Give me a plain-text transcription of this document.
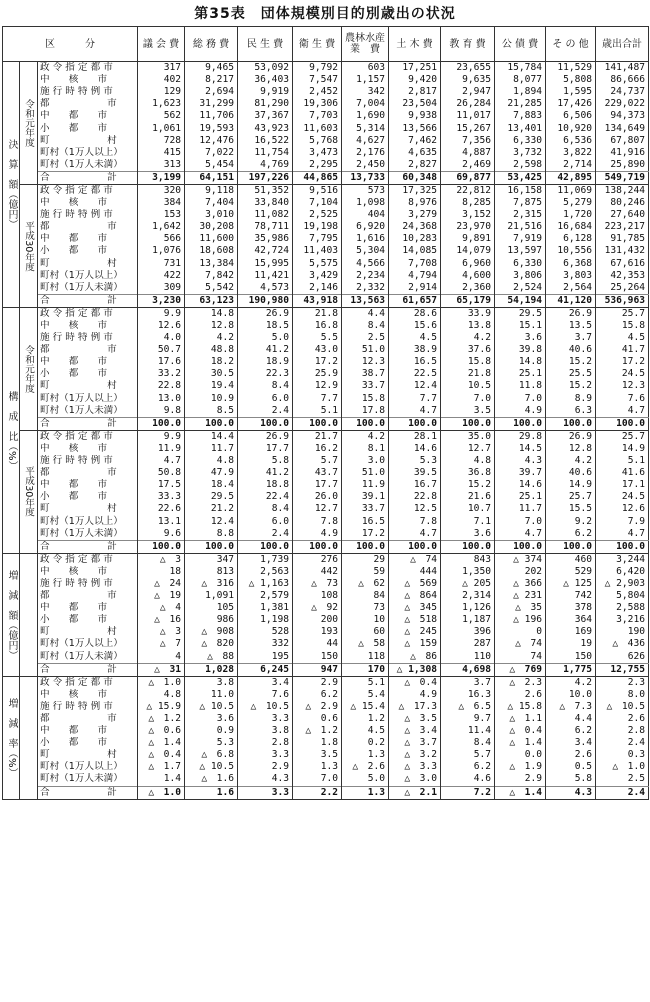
第35表　団体規模別目的別歳出の状況
区　　　分			議 会 費	総 務 費	民 生 費	衛 生 費	農林水産業　費	土 木 費	教 育 費	公 債 費	そ の 他	歳出合計
決　算　額（億円）	令和元年度	政 令 指 定 都 市	317	9,465	53,092	9,792	603	17,251	23,655	15,784	11,529	141,487
		中　　核　　市	402	8,217	36,403	7,547	1,157	9,420	9,635	8,077	5,808	86,666
		施 行 時 特 例 市	129	2,694	9,919	2,452	342	2,817	2,947	1,894	1,595	24,737
		都　　　　　　市	1,623	31,299	81,290	19,306	7,004	23,504	26,284	21,285	17,426	229,022
		中　　都　　市	562	11,706	37,367	7,703	1,690	9,938	11,017	7,883	6,506	94,373
		小　　都　　市	1,061	19,593	43,923	11,603	5,314	13,566	15,267	13,401	10,920	134,649
		町　　　　　　村	728	12,476	16,522	5,768	4,627	7,462	7,356	6,330	6,536	67,807
		町村（1万人以上）	415	7,022	11,754	3,473	2,176	4,635	4,887	3,732	3,822	41,916
		町村（1万人未満）	313	5,454	4,769	2,295	2,450	2,827	2,469	2,598	2,714	25,890
		合　　　　　　計	3,199	64,151	197,226	44,865	13,733	60,348	69,877	53,425	42,895	549,719
	平成30年度	政 令 指 定 都 市	320	9,118	51,352	9,516	573	17,325	22,812	16,158	11,069	138,244
		中　　核　　市	384	7,404	33,840	7,104	1,098	8,976	8,285	7,875	5,279	80,246
		施 行 時 特 例 市	153	3,010	11,082	2,525	404	3,279	3,152	2,315	1,720	27,640
		都　　　　　　市	1,642	30,208	78,711	19,198	6,920	24,368	23,970	21,516	16,684	223,217
		中　　都　　市	566	11,600	35,986	7,795	1,616	10,283	9,891	7,919	6,128	91,785
		小　　都　　市	1,076	18,608	42,724	11,403	5,304	14,085	14,079	13,597	10,556	131,432
		町　　　　　　村	731	13,384	15,995	5,575	4,566	7,708	6,960	6,330	6,368	67,616
		町村（1万人以上）	422	7,842	11,421	3,429	2,234	4,794	4,600	3,806	3,803	42,353
		町村（1万人未満）	309	5,542	4,573	2,146	2,332	2,914	2,360	2,524	2,564	25,264
		合　　　　　　計	3,230	63,123	190,980	43,918	13,563	61,657	65,179	54,194	41,120	536,963
構　成　比（%）	令和元年度	政 令 指 定 都 市	9.9	14.8	26.9	21.8	4.4	28.6	33.9	29.5	26.9	25.7
		中　　核　　市	12.6	12.8	18.5	16.8	8.4	15.6	13.8	15.1	13.5	15.8
		施 行 時 特 例 市	4.0	4.2	5.0	5.5	2.5	4.5	4.2	3.6	3.7	4.5
		都　　　　　　市	50.7	48.8	41.2	43.0	51.0	38.9	37.6	39.8	40.6	41.7
		中　　都　　市	17.6	18.2	18.9	17.2	12.3	16.5	15.8	14.8	15.2	17.2
		小　　都　　市	33.2	30.5	22.3	25.9	38.7	22.5	21.8	25.1	25.5	24.5
		町　　　　　　村	22.8	19.4	8.4	12.9	33.7	12.4	10.5	11.8	15.2	12.3
		町村（1万人以上）	13.0	10.9	6.0	7.7	15.8	7.7	7.0	7.0	8.9	7.6
		町村（1万人未満）	9.8	8.5	2.4	5.1	17.8	4.7	3.5	4.9	6.3	4.7
		合　　　　　　計	100.0	100.0	100.0	100.0	100.0	100.0	100.0	100.0	100.0	100.0
	平成30年度	政 令 指 定 都 市	9.9	14.4	26.9	21.7	4.2	28.1	35.0	29.8	26.9	25.7
		中　　核　　市	11.9	11.7	17.7	16.2	8.1	14.6	12.7	14.5	12.8	14.9
		施 行 時 特 例 市	4.7	4.8	5.8	5.7	3.0	5.3	4.8	4.3	4.2	5.1
		都　　　　　　市	50.8	47.9	41.2	43.7	51.0	39.5	36.8	39.7	40.6	41.6
		中　　都　　市	17.5	18.4	18.8	17.7	11.9	16.7	15.2	14.6	14.9	17.1
		小　　都　　市	33.3	29.5	22.4	26.0	39.1	22.8	21.6	25.1	25.7	24.5
		町　　　　　　村	22.6	21.2	8.4	12.7	33.7	12.5	10.7	11.7	15.5	12.6
		町村（1万人以上）	13.1	12.4	6.0	7.8	16.5	7.8	7.1	7.0	9.2	7.9
		町村（1万人未満）	9.6	8.8	2.4	4.9	17.2	4.7	3.6	4.7	6.2	4.7
		合　　　　　　計	100.0	100.0	100.0	100.0	100.0	100.0	100.0	100.0	100.0	100.0
増　減　額（億円）		政 令 指 定 都 市	△　3	347	1,739	276	29	△　74	843	△ 374	460	3,244
		中　　核　　市	18	813	2,563	442	59	444	1,350	202	529	6,420
		施 行 時 特 例 市	△　24	△　316	△ 1,163	△　73	△　62	△　569	△ 205	△ 366	△ 125	△ 2,903
		都　　　　　　市	△　19	1,091	2,579	108	84	△　864	2,314	△ 231	742	5,804
		中　　都　　市	△　4	105	1,381	△　92	73	△　345	1,126	△　35	378	2,588
		小　　都　　市	△　16	986	1,198	200	10	△　518	1,187	△ 196	364	3,216
		町　　　　　　村	△　3	△　908	528	193	60	△　245	396	0	169	190
		町村（1万人以上）	△　7	△　820	332	44	△　58	△　159	287	△　74	19	△　436
		町村（1万人未満）	4	△　88	195	150	118	△　86	110	74	150	626
		合　　　　　　計	△　31	1,028	6,245	947	170	△ 1,308	4,698	△　769	1,775	12,755
増　減　率（%）		政 令 指 定 都 市	△　1.0	3.8	3.4	2.9	5.1	△　0.4	3.7	△　2.3	4.2	2.3
		中　　核　　市	4.8	11.0	7.6	6.2	5.4	4.9	16.3	2.6	10.0	8.0
		施 行 時 特 例 市	△ 15.9	△ 10.5	△　10.5	△　2.9	△ 15.4	△　17.3	△　6.5	△ 15.8	△　7.3	△　10.5
		都　　　　　　市	△　1.2	3.6	3.3	0.6	1.2	△　3.5	9.7	△　1.1	4.4	2.6
		中　　都　　市	△　0.6	0.9	3.8	△　1.2	4.5	△　3.4	11.4	△　0.4	6.2	2.8
		小　　都　　市	△　1.4	5.3	2.8	1.8	0.2	△　3.7	8.4	△　1.4	3.4	2.4
		町　　　　　　村	△　0.4	△　6.8	3.3	3.5	1.3	△　3.2	5.7	0.0	2.6	0.3
		町村（1万人以上）	△　1.7	△ 10.5	2.9	1.3	△　2.6	△　3.3	6.2	△　1.9	0.5	△　1.0
		町村（1万人未満）	1.4	△　1.6	4.3	7.0	5.0	△　3.0	4.6	2.9	5.8	2.5
		合　　　　　　計	△　1.0	1.6	3.3	2.2	1.3	△　2.1	7.2	△　1.4	4.3	2.4
